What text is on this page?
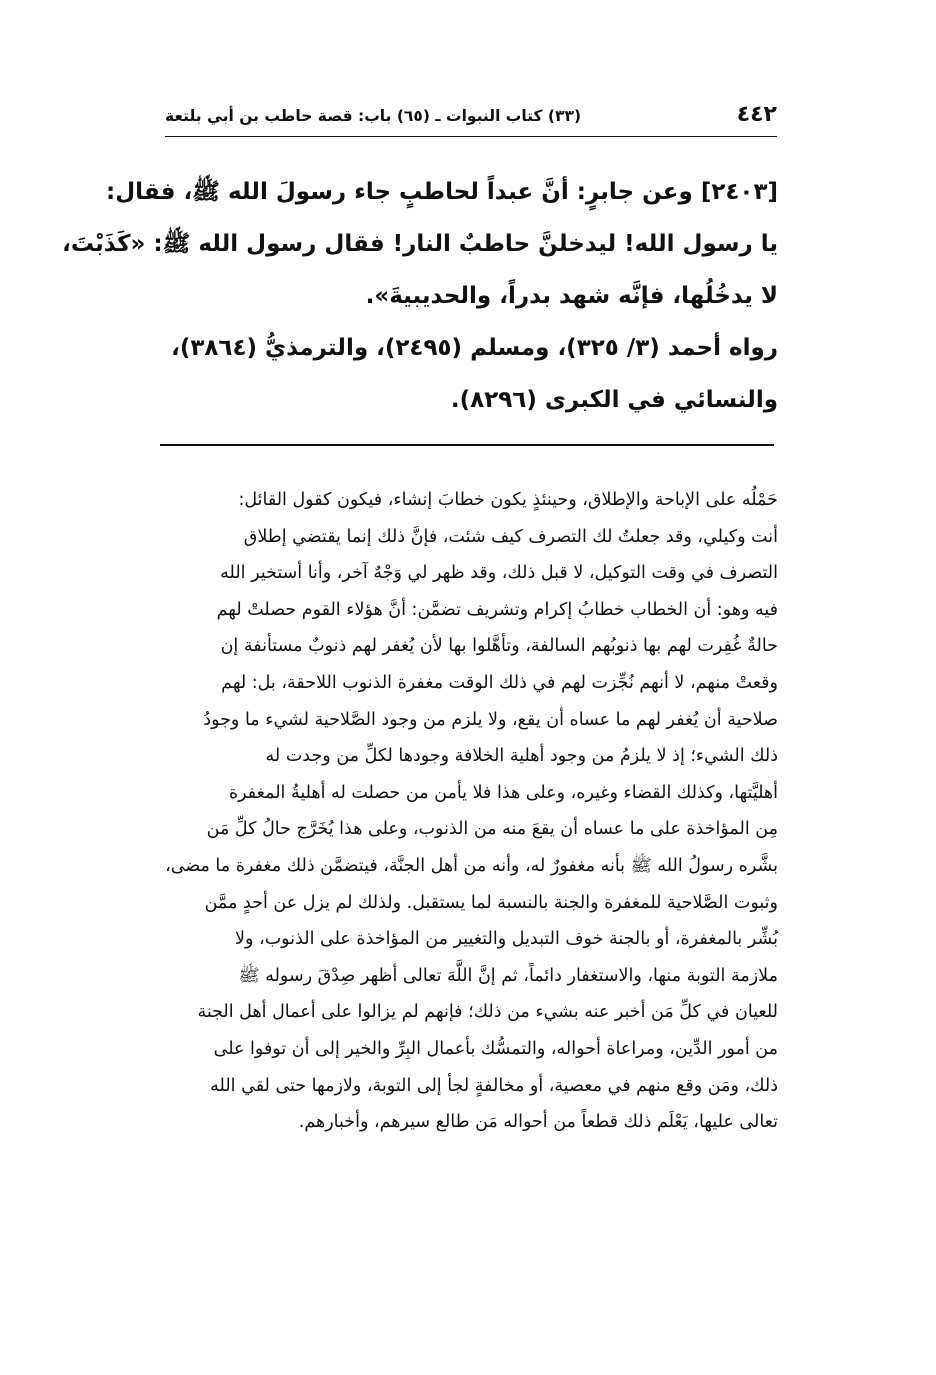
٤٤٢
(٣٣) كتاب النبوات ـ (٦٥) باب: قصة حاطب بن أبي بلتعة
[٢٤٠٣] وعن جابرٍ: أنَّ عبداً لحاطبٍ جاء رسولَ الله ﷺ، فقال:
يا رسول الله! ليدخلنَّ حاطبٌ النار! فقال رسول الله ﷺ: «كَذَبْتَ،
لا يدخُلُها، فإنَّه شهد بدراً، والحديبيةَ».
رواه أحمد (٣/ ٣٢٥)، ومسلم (٢٤٩٥)، والترمذيُّ (٣٨٦٤)،
والنسائي في الكبرى (٨٢٩٦).
حَمْلُه على الإباحة والإطلاق، وحينئذٍ يكون خطابَ إنشاء، فيكون كقول القائل:
أنت وكيلي، وقد جعلتُ لك التصرف كيف شئت، فإنَّ ذلك إنما يقتضي إطلاق
التصرف في وقت التوكيل، لا قبل ذلك، وقد ظهر لي وَجْهٌ آخر، وأنا أستخير الله
فيه وهو: أن الخطاب خطابُ إكرام وتشريف تضمَّن: أنَّ هؤلاء القوم حصلتْ لهم
حالةٌ غُفِرت لهم بها ذنوبُهم السالفة، وتأهَّلوا بها لأن يُغفر لهم ذنوبٌ مستأنفة إن
وقعتْ منهم، لا أنهم نُجِّزت لهم في ذلك الوقت مغفرة الذنوب اللاحقة، بل: لهم
صلاحية أن يُغفر لهم ما عساه أن يقع، ولا يلزم من وجود الصَّلاحية لشيء ما وجودُ
ذلك الشيء؛ إذ لا يلزمُ من وجود أهلية الخلافة وجودها لكلِّ من وجدت له
أهليَّتها، وكذلك القضاء وغيره، وعلى هذا فلا يأمن من حصلت له أهليةُ المغفرة
مِن المؤاخذة على ما عساه أن يقعَ منه من الذنوب، وعلى هذا يُخَرَّج حالُ كلِّ مَن
بشَّره رسولُ الله ﷺ بأنه مغفورٌ له، وأنه من أهل الجنَّة، فيتضمَّن ذلك مغفرة ما مضى،
وثبوت الصَّلاحية للمغفرة والجنة بالنسبة لما يستقبل. ولذلك لم يزل عن أحدٍ ممَّن
بُشِّر بالمغفرة، أو بالجنة خوف التبديل والتغيير من المؤاخذة على الذنوب، ولا
ملازمة التوبة منها، والاستغفار دائماً، ثم إنَّ اللَّهَ تعالى أظهر صِدْقَ رسوله ﷺ
للعيان في كلِّ مَن أخبر عنه بشيء من ذلك؛ فإنهم لم يزالوا على أعمال أهل الجنة
من أمور الدِّين، ومراعاة أحواله، والتمسُّك بأعمال البِرِّ والخير إلى أن توفوا على
ذلك، ومَن وقع منهم في معصية، أو مخالفةٍ لجأ إلى التوبة، ولازمها حتى لقي الله
تعالى عليها، يَعْلَم ذلك قطعاً من أحواله مَن طالع سيرهم، وأخبارهم.
